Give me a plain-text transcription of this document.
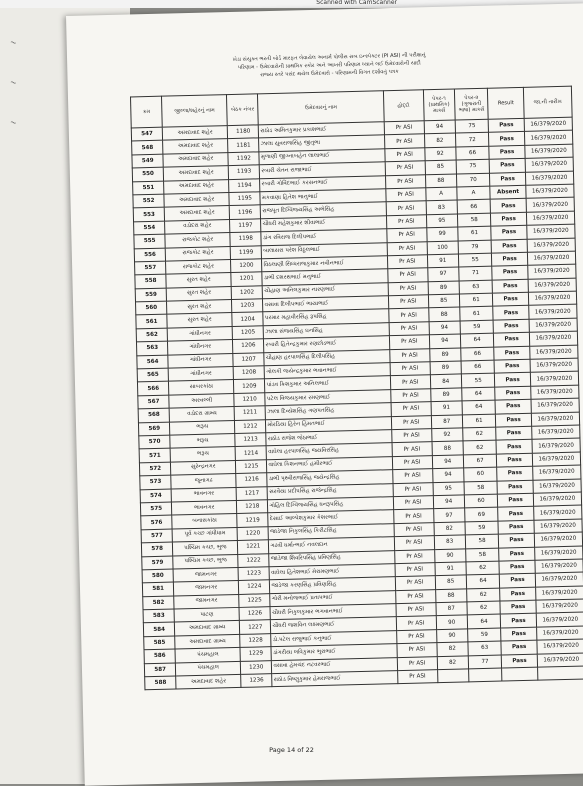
Scanned with CamScanner
~
~
~
ખેડા સંયુક્ત ભરતી બોર્ડ મારફત લેવાયેલ અનાર્મ પોલીસ સબ ઇન્સ્પેક્ટર (PI ASI) ની પરીક્ષાનું
પરિણામ - ઉમેદવારોની પ્રાથમિક સ્કોર અને આખરી પરિણામ ધ્યાને લઈ ઉમેદવારોની યાદી
રાજ્ય સ્તરે પસંદ થયેલ ઉમેદવારો - પરિણામની વિગત દર્શાવતું પત્રક
ક્રમ	જીલ્લા/શહેરનું નામ	બેઠક નંબર	ઉમેદવારનું નામ	હોદ્દો	પેપર-૧ (પ્રાથમિક) માર્ક્સ	પેપર-૨ (ગુજરાતી ભાષા) માર્ક્સ	Result	જા.ની તારીખ
547	અમદાવાદ શહેર	1180	રાઠોડ અમિતકુમાર પ્રકાશભાઈ	Pr ASI	94	75	Pass	16/379/2020
548	અમદાવાદ શહેર	1181	ઝાલા યુવરાજસિંહ જીતુભા	Pr ASI	82	72	Pass	16/379/2020
549	અમદાવાદ શહેર	1192	મુળાણી જીગ્નાબહેન લાલાભાઈ	Pr ASI	92	66	Pass	16/379/2020
550	અમદાવાદ શહેર	1193	રબારી ચેતન રાજાભાઈ	Pr ASI	85	75	Pass	16/379/2020
551	અમદાવાદ શહેર	1194	રબારી ગોવિંદભાઈ કરસનભાઈ	Pr ASI	88	70	Pass	16/379/2020
552	અમદાવાદ શહેર	1195	મકવાણા હિતેશ ભાનુભાઈ	Pr ASI	A	A	Absent	16/379/2020
553	અમદાવાદ શહેર	1196	રાજપૂત દિગ્વિજયસિંહ અભેસિંહ	Pr ASI	83	66	Pass	16/379/2020
554	વડોદરા શહેર	1197	ચૌધરી મહેશકુમાર શીવાભાઈ	Pr ASI	95	58	Pass	16/379/2020
555	રાજકોટ શહેર	1198	ડાંગ રવિરાજ દિલીપભાઈ	Pr ASI	99	61	Pass	16/379/2020
556	રાજકોટ શહેર	1199	બાલાસરા પરેશ વિઠ્ઠલભાઈ	Pr ASI	100	79	Pass	16/379/2020
557	રાજકોટ શહેર	1200	વિઠલાણી સિધ્ધરાજકુમાર નવીનભાઈ	Pr ASI	91	55	Pass	16/379/2020
558	સુરત શહેર	1201	ડાભી દશરથભાઈ મનુભાઈ	Pr ASI	97	71	Pass	16/379/2020
559	સુરત શહેર	1202	ચૌહાણ અનિલકુમાર નારણભાઈ	Pr ASI	89	63	Pass	16/379/2020
560	સુરત શહેર	1203	વસાવા દિલીપભાઈ ભાયાભાઈ	Pr ASI	85	61	Pass	16/379/2020
561	સુરત શહેર	1204	પરમાર મહાવીરસિંહ રૂપસિંહ	Pr ASI	88	61	Pass	16/379/2020
562	ગાંધીનગર	1205	ઝાલા સંજયસિંહ ઘનસિંહ	Pr ASI	94	59	Pass	16/379/2020
563	ગાંધીનગર	1206	રબારી હિતેન્દ્રકુમાર રણછોડભાઈ	Pr ASI	94	64	Pass	16/379/2020
564	ગાંધીનગર	1207	ચૌહાણ હરપાલસિંહ દિલીપસિંહ	Pr ASI	89	66	Pass	16/379/2020
565	ગાંધીનગર	1208	ગોલકી જયેન્દ્રકુમાર ભવાનભાઈ	Pr ASI	89	66	Pass	16/379/2020
566	સાબરકાંઠા	1209	પાંડવ ક્રિશકુમાર અનિલભાઈ	Pr ASI	84	55	Pass	16/379/2020
567	અરવલ્લી	1210	પટેલ વિજયકુમાર રમણભાઈ	Pr ASI	89	64	Pass	16/379/2020
568	વડોદરા ગ્રામ્ય	1211	ઝાલા દિવ્યેશસિંહ ગણપતસિંહ	Pr ASI	91	64	Pass	16/379/2020
569	ભરૂચ	1212	મોરડિયા હિરેન હિંમતભાઈ	Pr ASI	87	61	Pass	16/379/2020
570	ભરૂચ	1213	રાઠોડ રાજેશ જેઠાભાઈ	Pr ASI	92	62	Pass	16/379/2020
571	ભરૂચ	1214	વાઘેલા હરપાલસિંહ જયવિરસિંહ	Pr ASI	88	62	Pass	16/379/2020
572	સુરેન્દ્રનગર	1215	વાઘેલા કિશનભાઈ હમીરભાઈ	Pr ASI	94	67	Pass	16/379/2020
573	જૂનાગઢ	1216	ડાભી પૃથ્વીરાજસિંહ જયેન્દ્રસિંહ	Pr ASI	94	60	Pass	16/379/2020
574	ભાવનગર	1217	સરવૈયા પ્રદીપસિંહ રાજેન્દ્રસિંહ	Pr ASI	95	58	Pass	16/379/2020
575	ભાવનગર	1218	ગોહિલ દિગ્વિજયસિંહ ધનરૂપસિંહ	Pr ASI	94	60	Pass	16/379/2020
576	બનાસકાંઠા	1219	દેસાઈ આલ્પેશકુમાર કેશરભાઈ	Pr ASI	97	69	Pass	16/379/2020
577	પૂર્વ કચ્છ ગાંધીધામ	1220	જાડેજા નિકુલસિંહ કિરીટસિંહ	Pr ASI	82	59	Pass	16/379/2020
578	પશ્ચિમ કચ્છ, ભુજ	1221	ગઢવી ધર્માત્ભાઈ નવલદાન	Pr ASI	83	58	Pass	16/379/2020
579	પશ્ચિમ કચ્છ, ભુજ	1222	જાડેજા શિવરિપસિંહ પ્રવિણસિંહ	Pr ASI	90	58	Pass	16/379/2020
580	જામનગર	1223	વાઘેલા હિતેશભાઈ મેરામણભાઈ	Pr ASI	91	62	Pass	16/379/2020
581	જામનગર	1224	જાડેજા કરણસિંહ પ્રવિણસિંહ	Pr ASI	85	64	Pass	16/379/2020
582	જામનગર	1225	ગોરી મનોજભાઈ પ્રતાપભાઈ	Pr ASI	88	62	Pass	16/379/2020
583	પાટણ	1226	ચૌધરી નિકુલકુમાર ભગવાનભાઈ	Pr ASI	87	62	Pass	16/379/2020
584	અમદાવાદ ગ્રામ્ય	1227	ચૌધરી જશવિન લક્ષ્મણભાઈ	Pr ASI	90	64	Pass	16/379/2020
585	અમદાવાદ ગ્રામ્ય	1228	ડો.પટેલ રાજુભાઈ કનુભાઈ	Pr ASI	90	59	Pass	16/379/2020
586	પંચમહાલ	1229	ડાંગરીયા લવિકુમાર ભુરાભાઈ	Pr ASI	82	63	Pass	16/379/2020
587	પંચમહાલ	1230	વસાવા હેમચંદ નટવરભાઈ	Pr ASI	82	77	Pass	16/379/2020
588	અમદાવાદ શહેર	1236	રાઠોડ વિષ્ણુકુમાર હેમરાજભાઈ	Pr ASI				
Page 14 of 22
